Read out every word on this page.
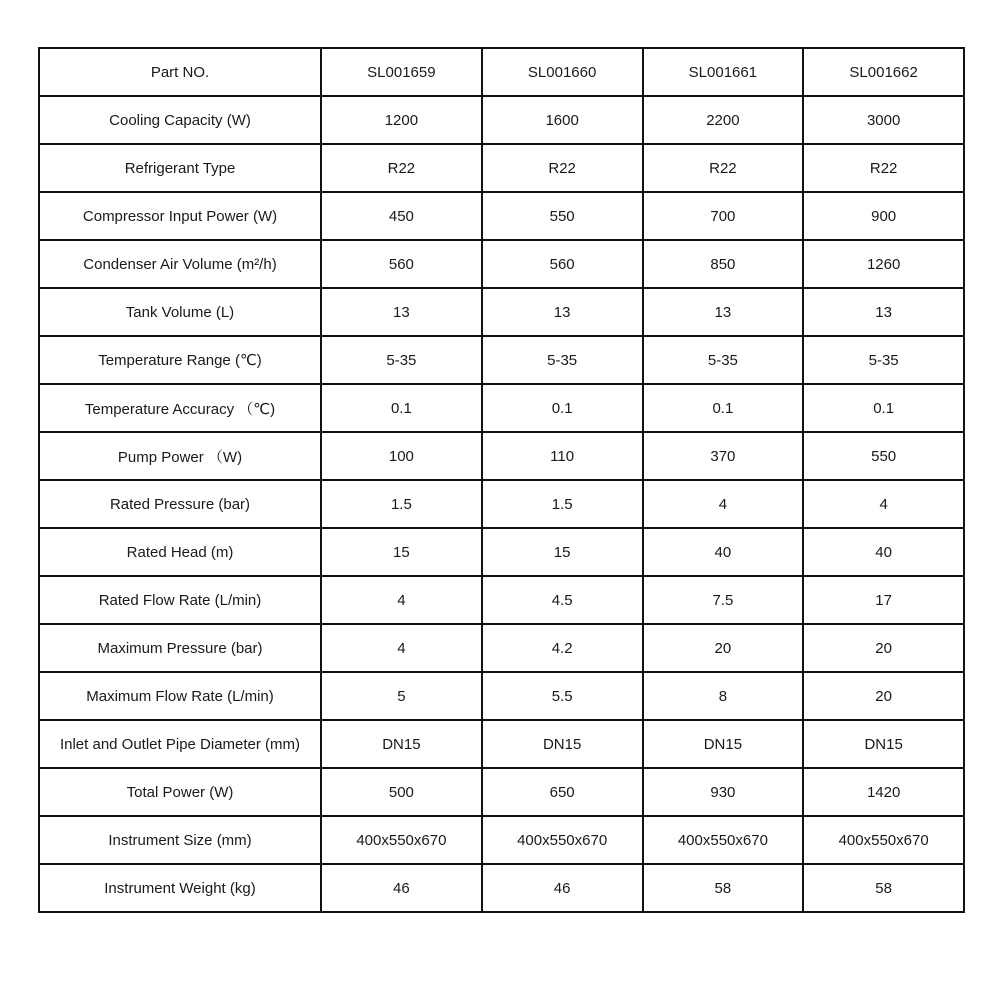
Part NO.	SL001659	SL001660	SL001661	SL001662
Cooling Capacity (W)	1200	1600	2200	3000
Refrigerant Type	R22	R22	R22	R22
Compressor Input Power (W)	450	550	700	900
Condenser Air Volume (m²/h)	560	560	850	1260
Tank Volume (L)	13	13	13	13
Temperature Range (℃)	5-35	5-35	5-35	5-35
Temperature Accuracy （℃)	0.1	0.1	0.1	0.1
Pump Power （W)	100	110	370	550
Rated Pressure (bar)	1.5	1.5	4	4
Rated Head (m)	15	15	40	40
Rated Flow Rate (L/min)	4	4.5	7.5	17
Maximum Pressure (bar)	4	4.2	20	20
Maximum Flow Rate (L/min)	5	5.5	8	20
Inlet and Outlet Pipe Diameter (mm)	DN15	DN15	DN15	DN15
Total Power (W)	500	650	930	1420
Instrument Size (mm)	400x550x670	400x550x670	400x550x670	400x550x670
Instrument Weight (kg)	46	46	58	58
